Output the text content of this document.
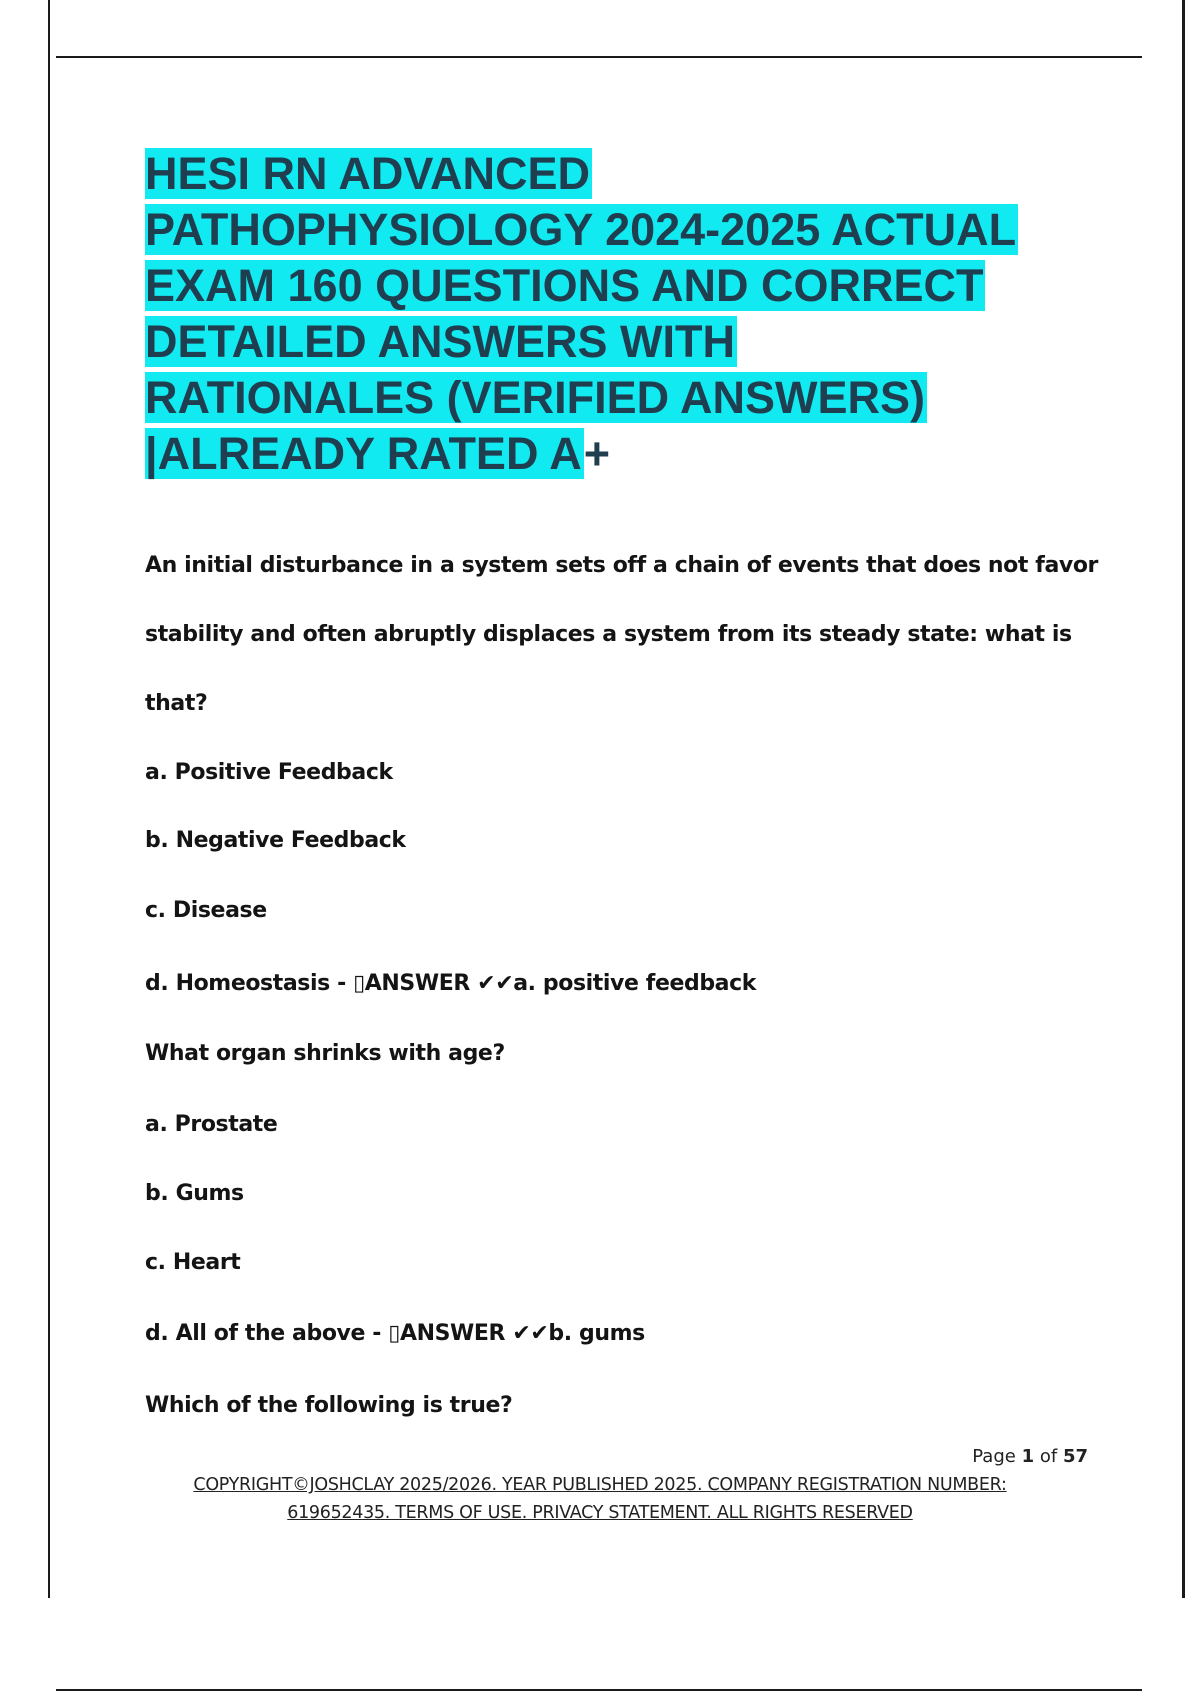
HESI RN ADVANCED
PATHOPHYSIOLOGY 2024-2025 ACTUAL
EXAM 160 QUESTIONS AND CORRECT
DETAILED ANSWERS WITH
RATIONALES (VERIFIED ANSWERS)
|ALREADY RATED A+

An initial disturbance in a system sets off a chain of events that does not favor

stability and often abruptly displaces a system from its steady state: what is

that?

a. Positive Feedback

b. Negative Feedback

c. Disease

d. Homeostasis - ▯ANSWER ✔✔a. positive feedback

What organ shrinks with age?

a. Prostate

b. Gums

c. Heart

d. All of the above - ▯ANSWER ✔✔b. gums

Which of the following is true?

Page 1 of 57
COPYRIGHT©JOSHCLAY 2025/2026. YEAR PUBLISHED 2025. COMPANY REGISTRATION NUMBER:
619652435. TERMS OF USE. PRIVACY STATEMENT. ALL RIGHTS RESERVED
